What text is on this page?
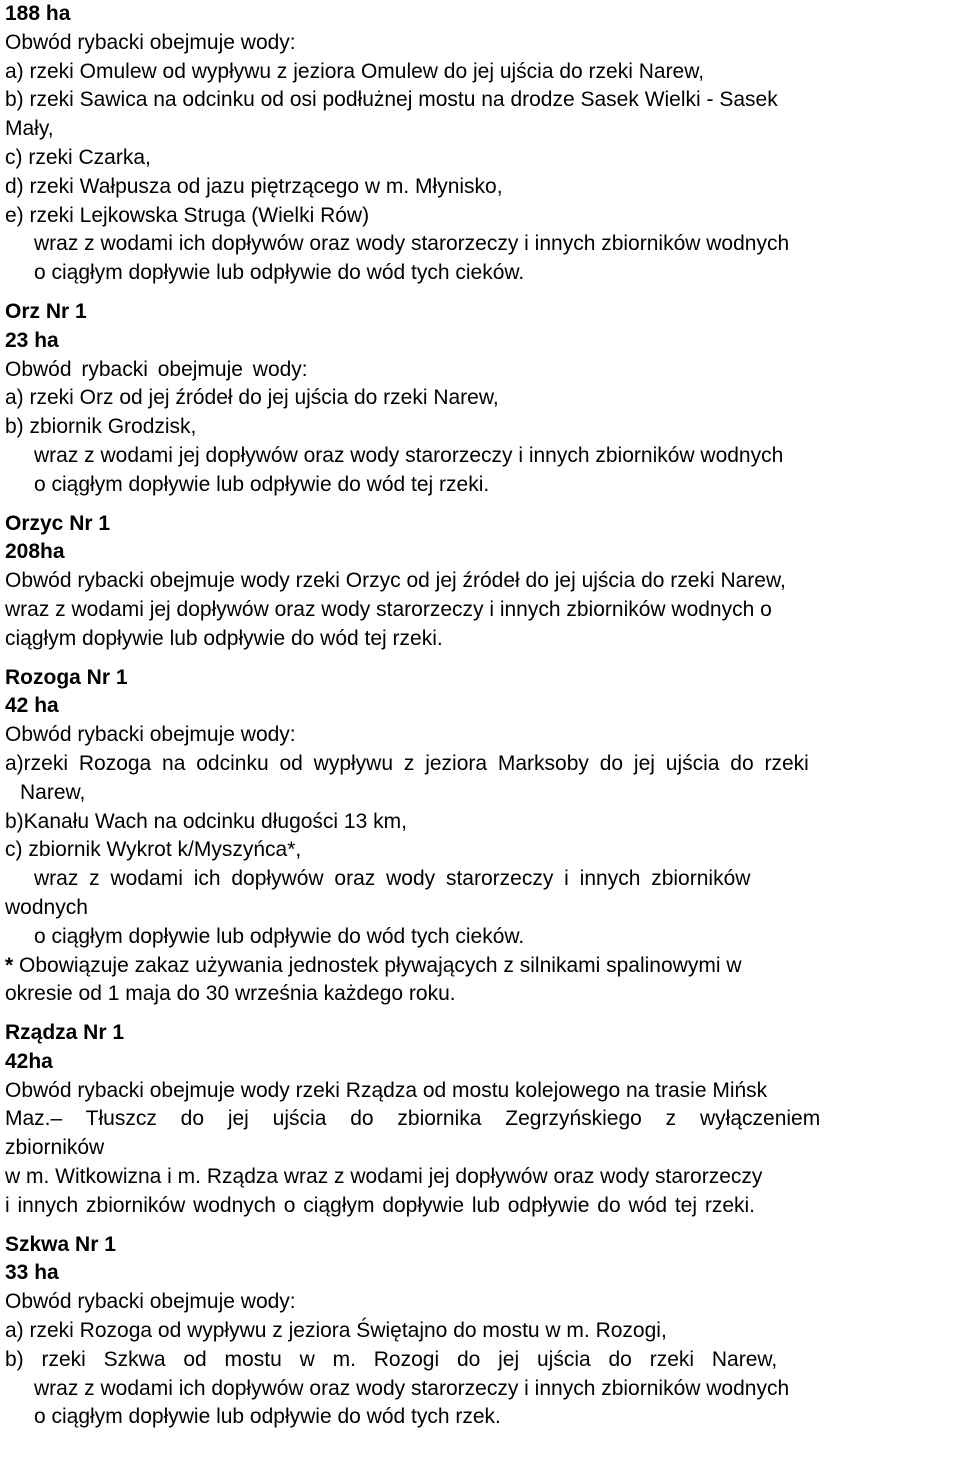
188 ha
Obwód rybacki obejmuje wody:
a) rzeki Omulew od wypływu z jeziora Omulew do jej ujścia do rzeki Narew,
b) rzeki Sawica na odcinku od osi podłużnej mostu na drodze Sasek Wielki - Sasek
Mały,
c) rzeki Czarka,
d) rzeki Wałpusza od jazu piętrzącego w m. Młynisko,
e) rzeki Lejkowska Struga (Wielki Rów)
wraz z wodami ich dopływów oraz wody starorzeczy i innych zbiorników wodnych
o ciągłym dopływie lub odpływie do wód tych cieków.
Orz Nr 1
23 ha
Obwód rybacki obejmuje wody:
a) rzeki Orz od jej źródeł do jej ujścia do rzeki Narew,
b) zbiornik Grodzisk,
wraz z wodami jej dopływów oraz wody starorzeczy i innych zbiorników wodnych
o ciągłym dopływie lub odpływie do wód tej rzeki.
Orzyc Nr 1
208ha
Obwód rybacki obejmuje wody rzeki Orzyc od jej źródeł do jej ujścia do rzeki Narew,
wraz z wodami jej dopływów oraz wody starorzeczy i innych zbiorników wodnych o
ciągłym dopływie lub odpływie do wód tej rzeki.
Rozoga Nr 1
42 ha
Obwód rybacki obejmuje wody:
a)rzeki Rozoga na odcinku od wypływu z jeziora Marksoby do jej ujścia do rzeki
Narew,
b)Kanału Wach na odcinku długości 13 km,
c) zbiornik Wykrot k/Myszyńca*,
wraz z wodami ich dopływów oraz wody starorzeczy i innych zbiorników
wodnych
o ciągłym dopływie lub odpływie do wód tych cieków.
* Obowiązuje zakaz używania jednostek pływających z silnikami spalinowymi w
okresie od 1 maja do 30 września każdego roku.
Rządza Nr 1
42ha
Obwód rybacki obejmuje wody rzeki Rządza od mostu kolejowego na trasie Mińsk
Maz.– Tłuszcz do jej ujścia do zbiornika Zegrzyńskiego z wyłączeniem
zbiorników
w m. Witkowizna i m. Rządza wraz z wodami jej dopływów oraz wody starorzeczy
i innych zbiorników wodnych o ciągłym dopływie lub odpływie do wód tej rzeki.
Szkwa Nr 1
33 ha
Obwód rybacki obejmuje wody:
a) rzeki Rozoga od wypływu z jeziora Świętajno do mostu w m. Rozogi,
b) rzeki Szkwa od mostu w m. Rozogi do jej ujścia do rzeki Narew,
wraz z wodami ich dopływów oraz wody starorzeczy i innych zbiorników wodnych
o ciągłym dopływie lub odpływie do wód tych rzek.
